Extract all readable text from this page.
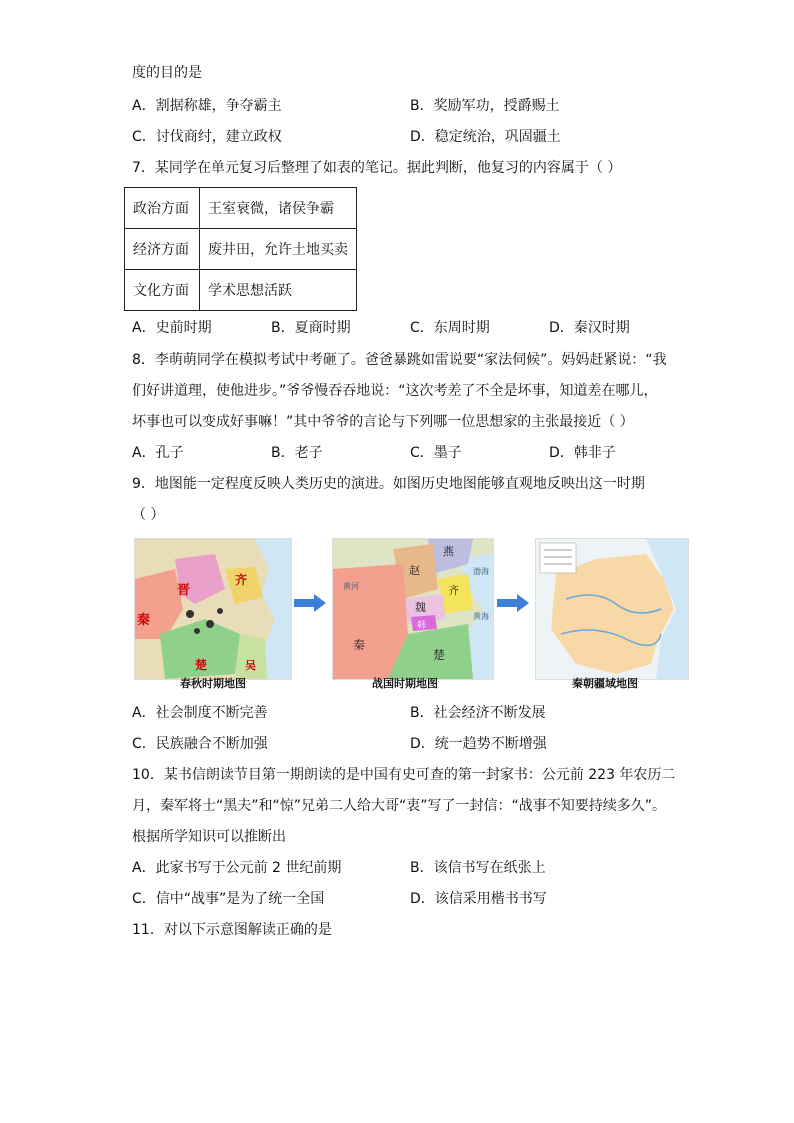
度的目的是
A．割据称雄，争夺霸主	B．奖励军功，授爵赐土
C．讨伐商纣，建立政权	D．稳定统治，巩固疆土
7．某同学在单元复习后整理了如表的笔记。据此判断，他复习的内容属于（ ）
政治方面	王室衰微，诸侯争霸
经济方面	废井田，允许土地买卖
文化方面	学术思想活跃
A．史前时期	B．夏商时期	C．东周时期	D．秦汉时期
8．李萌萌同学在模拟考试中考砸了。爸爸暴跳如雷说要“家法伺候”。妈妈赶紧说：“我
们好讲道理，使他进步。”爷爷慢吞吞地说：“这次考差了不全是坏事，知道差在哪儿，
坏事也可以变成好事嘛！”其中爷爷的言论与下列哪一位思想家的主张最接近（ ）
A．孔子	B．老子	C．墨子	D．韩非子
9．地图能一定程度反映人类历史的演进。如图历史地图能够直观地反映出这一时期
（ ）
晋
齐
秦
楚	吴
燕
赵
齐
魏
韩
秦
楚
黄河
渤海
黄海
春秋时期地图	战国时期地图	秦朝疆域地图
A．社会制度不断完善	B．社会经济不断发展
C．民族融合不断加强	D．统一趋势不断增强
10．某书信朗读节目第一期朗读的是中国有史可查的第一封家书：公元前 223 年农历二
月，秦军将士“黑夫”和“惊”兄弟二人给大哥“衷”写了一封信：“战事不知要持续多久”。
根据所学知识可以推断出
A．此家书写于公元前 2 世纪前期	B．该信书写在纸张上
C．信中“战事”是为了统一全国	D．该信采用楷书书写
11．对以下示意图解读正确的是
